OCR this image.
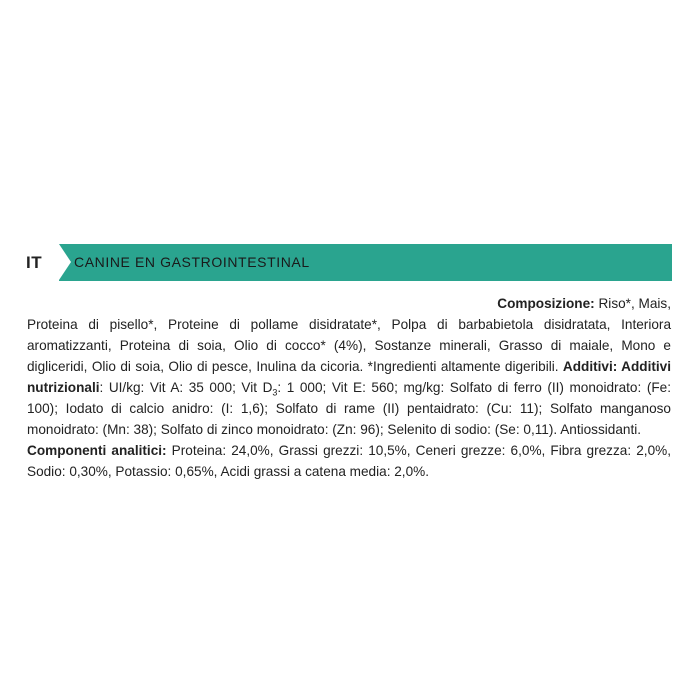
IT CANINE EN GASTROINTESTINAL
Composizione: Riso*, Mais,
Proteina di pisello*, Proteine di pollame disidratate*, Polpa di barbabietola disidratata, Interiora aromatizzanti, Proteina di soia, Olio di cocco* (4%), Sostanze minerali, Grasso di maiale, Mono e digliceridi, Olio di soia, Olio di pesce, Inulina da cicoria. *Ingredienti altamente digeribili. Additivi: Additivi nutrizionali: UI/kg: Vit A: 35 000; Vit $D_3$: 1 000; Vit E: 560; mg/kg: Solfato di ferro (II) monoidrato: (Fe: 100); Iodato di calcio anidro: (I: 1,6); Solfato di rame (II) pentaidrato: (Cu: 11); Solfato manganoso monoidrato: (Mn: 38); Solfato di zinco monoidrato: (Zn: 96); Selenito di sodio: (Se: 0,11). Antiossidanti.
Componenti analitici: Proteina: 24,0%, Grassi grezzi: 10,5%, Ceneri grezze: 6,0%, Fibra grezza: 2,0%, Sodio: 0,30%, Potassio: 0,65%, Acidi grassi a catena media: 2,0%.
